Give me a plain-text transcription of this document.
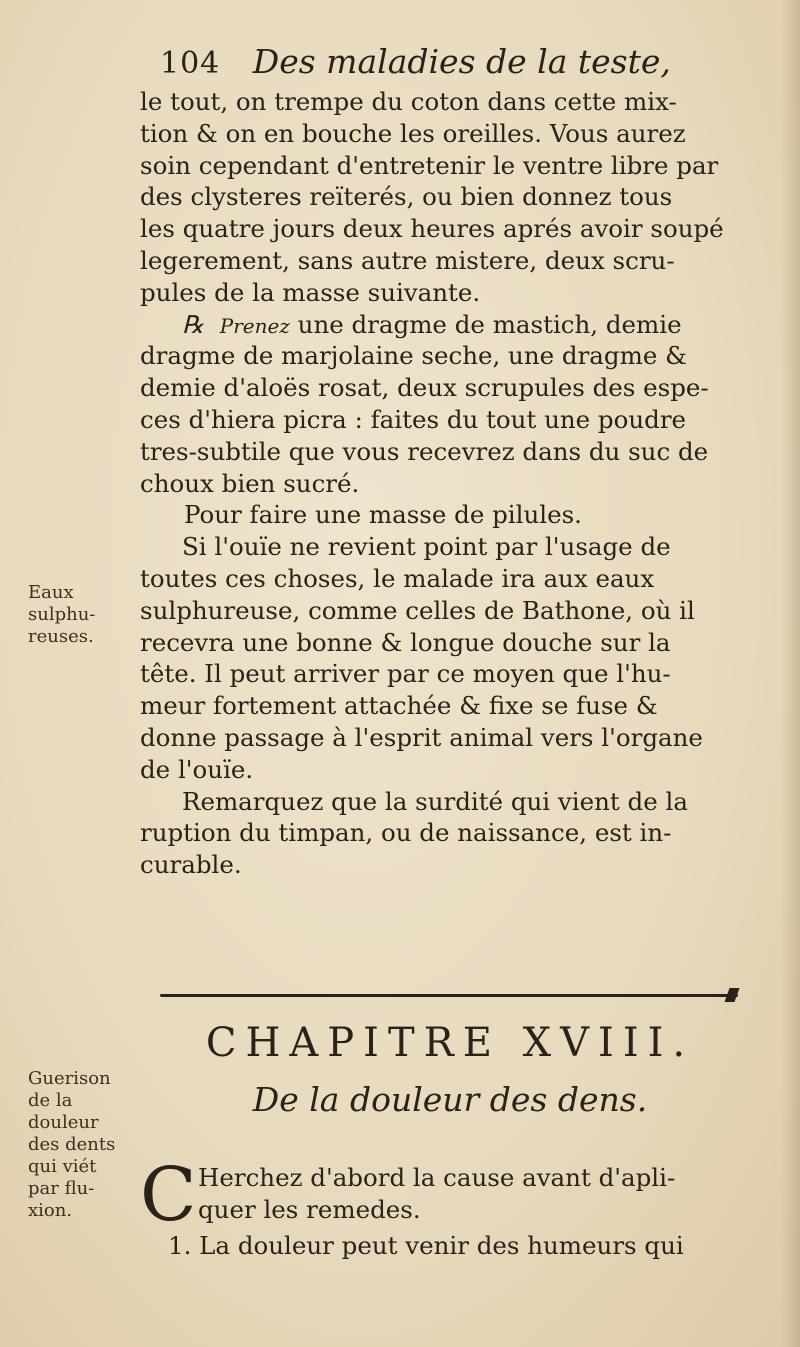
104 Des maladies de la teste,
le tout, on trempe du coton dans cette mix-
tion & on en bouche les oreilles. Vous aurez
soin cependant d'entretenir le ventre libre par
des clysteres reïterés, ou bien donnez tous
les quatre jours deux heures aprés avoir soupé
legerement, sans autre mistere, deux scru-
pules de la masse suivante.
℞ Prenez une dragme de mastich, demie
dragme de marjolaine seche, une dragme &
demie d'aloës rosat, deux scrupules des espe-
ces d'hiera picra : faites du tout une poudre
tres-subtile que vous recevrez dans du suc de
choux bien sucré.
Pour faire une masse de pilules.
Si l'ouïe ne revient point par l'usage de
toutes ces choses, le malade ira aux eaux
sulphureuse, comme celles de Bathone, où il
recevra une bonne & longue douche sur la
tête. Il peut arriver par ce moyen que l'hu-
meur fortement attachée & fixe se fuse &
donne passage à l'esprit animal vers l'organe
de l'ouïe.
Remarquez que la surdité qui vient de la
ruption du timpan, ou de naissance, est in-
curable.
Eaux
sulphu-
reuses.
Guerison
de la
douleur
des dents
qui viét
par flu-
xion.
CHAPITRE XVIII.
De la douleur des dens.
C Herchez d'abord la cause avant d'apli-
quer les remedes.
1. La douleur peut venir des humeurs qui
